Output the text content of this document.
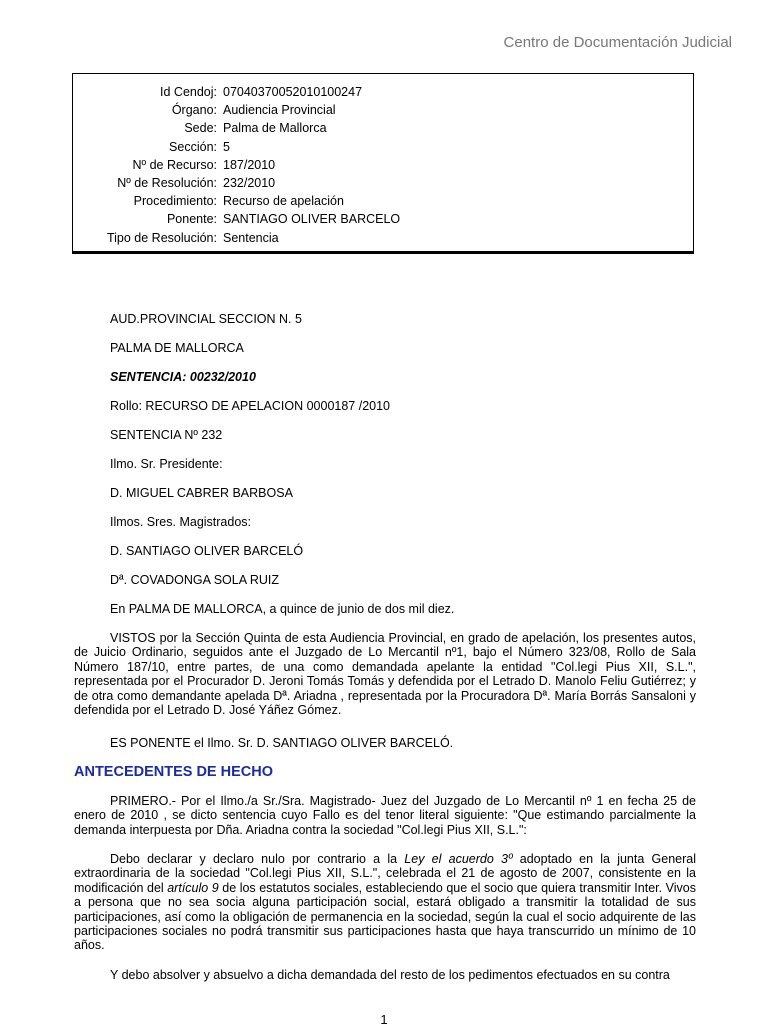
Centro de Documentación Judicial
Id Cendoj: 07040370052010100247
Órgano: Audiencia Provincial
Sede: Palma de Mallorca
Sección: 5
Nº de Recurso: 187/2010
Nº de Resolución: 232/2010
Procedimiento: Recurso de apelación
Ponente: SANTIAGO OLIVER BARCELO
Tipo de Resolución: Sentencia
AUD.PROVINCIAL SECCION N. 5
PALMA DE MALLORCA
SENTENCIA: 00232/2010
Rollo: RECURSO DE APELACION 0000187 /2010
SENTENCIA Nº 232
Ilmo. Sr. Presidente:
D. MIGUEL CABRER BARBOSA
Ilmos. Sres. Magistrados:
D. SANTIAGO OLIVER BARCELÓ
Dª. COVADONGA SOLA RUIZ
En PALMA DE MALLORCA, a quince de junio de dos mil diez.
VISTOS por la Sección Quinta de esta Audiencia Provincial, en grado de apelación, los presentes autos, de Juicio Ordinario, seguidos ante el Juzgado de Lo Mercantil nº1, bajo el Número 323/08, Rollo de Sala Número 187/10, entre partes, de una como demandada apelante la entidad "Col.legi Pius XII, S.L.", representada por el Procurador D. Jeroni Tomás Tomás y defendida por el Letrado D. Manolo Feliu Gutiérrez; y de otra como demandante apelada Dª. Ariadna , representada por la Procuradora Dª. María Borrás Sansaloni y defendida por el Letrado D. José Yáñez Gómez.
ES PONENTE el Ilmo. Sr. D. SANTIAGO OLIVER BARCELÓ.
ANTECEDENTES DE HECHO
PRIMERO.- Por el Ilmo./a Sr./Sra. Magistrado- Juez del Juzgado de Lo Mercantil nº 1 en fecha 25 de enero de 2010 , se dicto sentencia cuyo Fallo es del tenor literal siguiente: "Que estimando parcialmente la demanda interpuesta por Dña. Ariadna contra la sociedad "Col.legi Pius XII, S.L.":
Debo declarar y declaro nulo por contrario a la Ley el acuerdo 3º adoptado en la junta General extraordinaria de la sociedad "Col.legi Pius XII, S.L.", celebrada el 21 de agosto de 2007, consistente en la modificación del artículo 9 de los estatutos sociales, estableciendo que el socio que quiera transmitir Inter. Vivos a persona que no sea socia alguna participación social, estará obligado a transmitir la totalidad de sus participaciones, así como la obligación de permanencia en la sociedad, según la cual el socio adquirente de las participaciones sociales no podrá transmitir sus participaciones hasta que haya transcurrido un mínimo de 10 años.
Y debo absolver y absuelvo a dicha demandada del resto de los pedimentos efectuados en su contra
1
